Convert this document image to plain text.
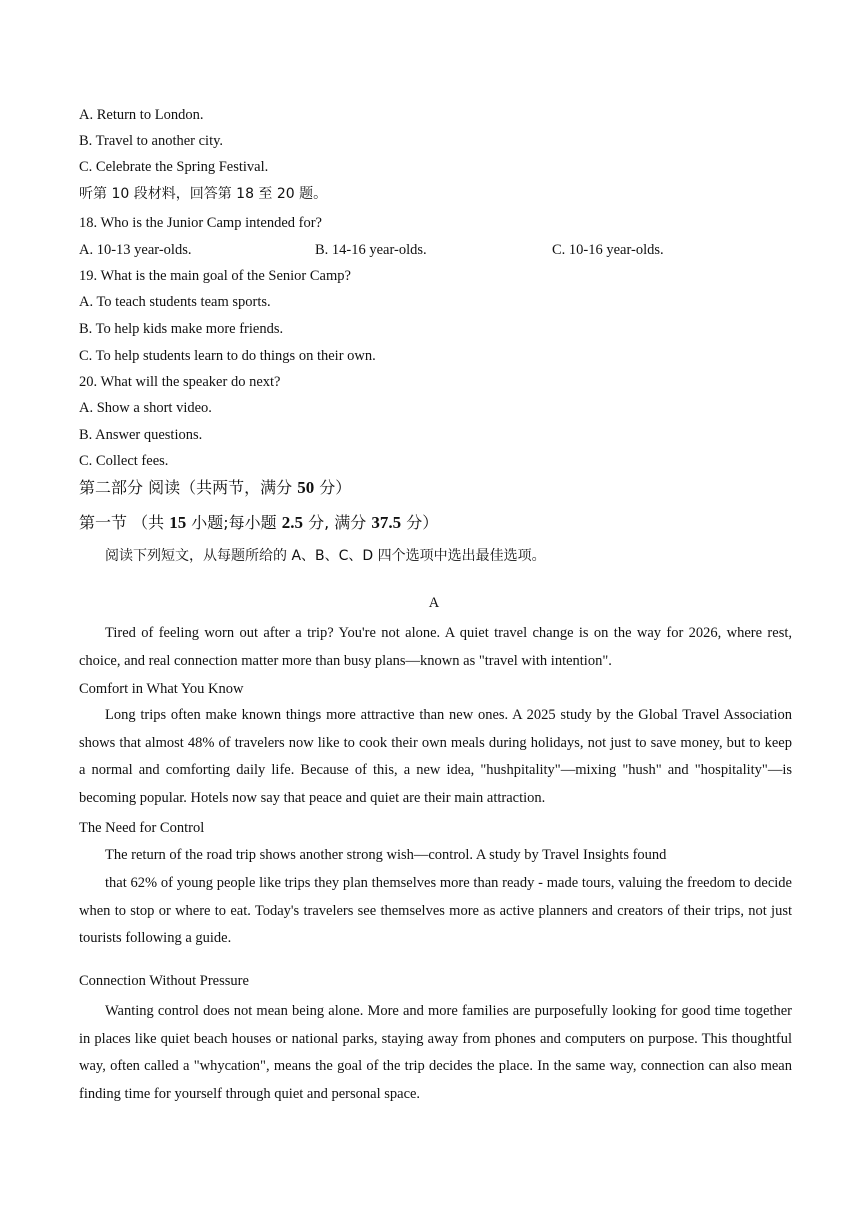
A. Return to London.
B. Travel to another city.
C. Celebrate the Spring Festival.
听第 10 段材料，回答第 18 至 20 题。
18. Who is the Junior Camp intended for?
A. 10-13 year-olds.	B. 14-16 year-olds.	C. 10-16 year-olds.
19. What is the main goal of the Senior Camp?
A. To teach students team sports.
B. To help kids make more friends.
C. To help students learn to do things on their own.
20. What will the speaker do next?
A. Show a short video.
B. Answer questions.
C. Collect fees.
第二部分 阅读（共两节，满分 50 分）
第一节 （共 15 小题;每小题 2.5 分, 满分 37.5 分）
阅读下列短文，从每题所给的 A、B、C、D 四个选项中选出最佳选项。
A
Tired of feeling worn out after a trip? You're not alone. A quiet travel change is on the way for 2026, where rest, choice, and real connection matter more than busy plans—known as "travel with intention".
Comfort in What You Know
Long trips often make known things more attractive than new ones. A 2025 study by the Global Travel Association shows that almost 48% of travelers now like to cook their own meals during holidays, not just to save money, but to keep a normal and comforting daily life. Because of this, a new idea, "hushpitality"—mixing "hush" and "hospitality"—is becoming popular. Hotels now say that peace and quiet are their main attraction.
The Need for Control
The return of the road trip shows another strong wish—control. A study by Travel Insights found
that 62% of young people like trips they plan themselves more than ready - made tours, valuing the freedom to decide when to stop or where to eat. Today's travelers see themselves more as active planners and creators of their trips, not just tourists following a guide.
Connection Without Pressure
Wanting control does not mean being alone. More and more families are purposefully looking for good time together in places like quiet beach houses or national parks, staying away from phones and computers on purpose. This thoughtful way, often called a "whycation", means the goal of the trip decides the place. In the same way, connection can also mean finding time for yourself through quiet and personal space.
